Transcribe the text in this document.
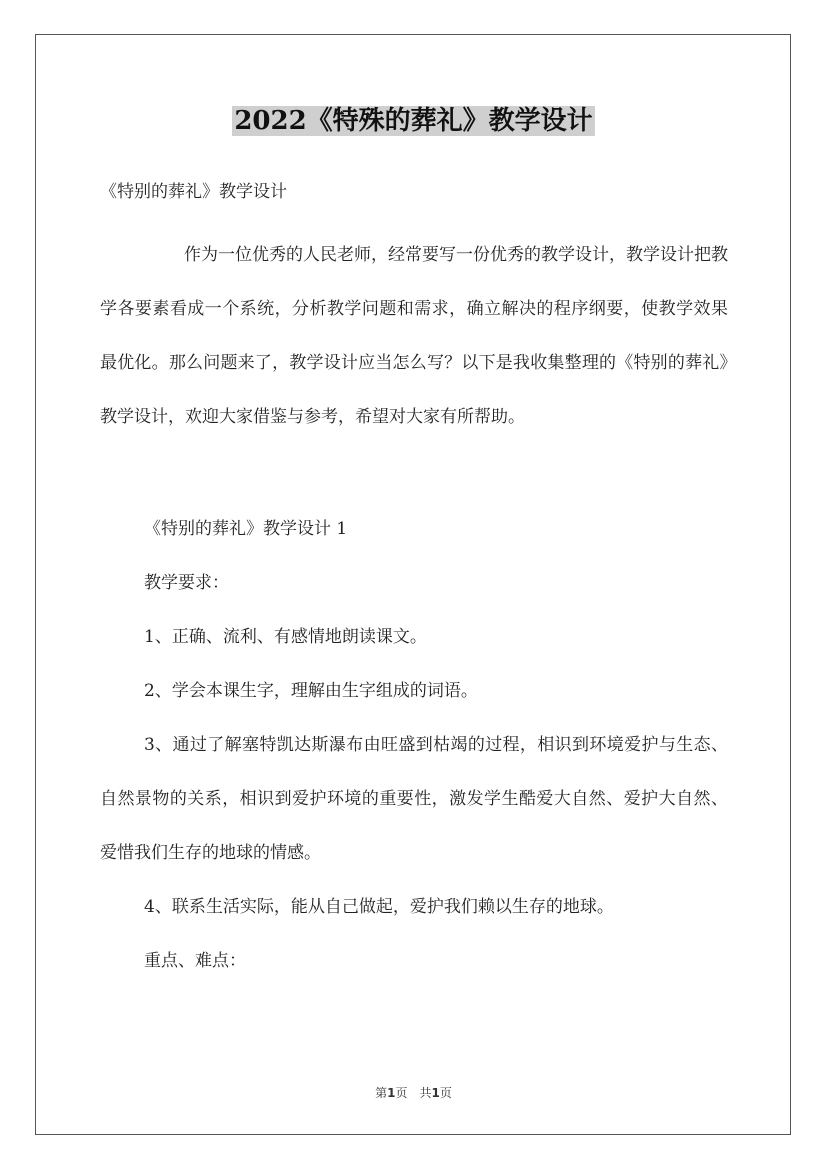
2022《特殊的葬礼》教学设计

《特别的葬礼》教学设计

作为一位优秀的人民老师，经常要写一份优秀的教学设计，教学设计把教学各要素看成一个系统，分析教学问题和需求，确立解决的程序纲要，使教学效果最优化。那么问题来了，教学设计应当怎么写？以下是我收集整理的《特别的葬礼》教学设计，欢迎大家借鉴与参考，希望对大家有所帮助。

《特别的葬礼》教学设计 1

教学要求：

1、正确、流利、有感情地朗读课文。

2、学会本课生字，理解由生字组成的词语。

3、通过了解塞特凯达斯瀑布由旺盛到枯竭的过程，相识到环境爱护与生态、自然景物的关系，相识到爱护环境的重要性，激发学生酷爱大自然、爱护大自然、爱惜我们生存的地球的情感。

4、联系生活实际，能从自己做起，爱护我们赖以生存的地球。

重点、难点：

第1页 共1页
